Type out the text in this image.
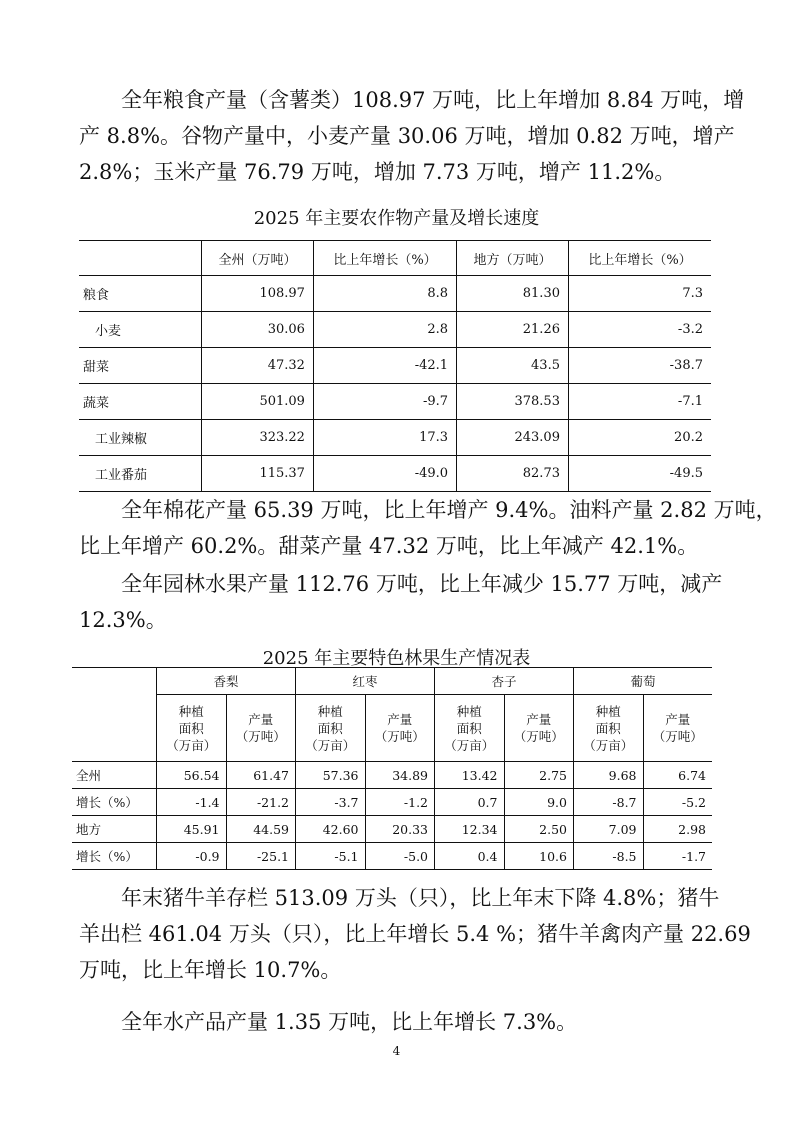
全年粮食产量（含薯类）108.97 万吨，比上年增加 8.84 万吨，增
产 8.8%。谷物产量中，小麦产量 30.06 万吨，增加 0.82 万吨，增产
2.8%；玉米产量 76.79 万吨，增加 7.73 万吨，增产 11.2%。

2025 年主要农作物产量及增长速度

	全州（万吨）	比上年增长（%）	地方（万吨）	比上年增长（%）
粮食	108.97	8.8	81.30	7.3
小麦	30.06	2.8	21.26	-3.2
甜菜	47.32	-42.1	43.5	-38.7
蔬菜	501.09	-9.7	378.53	-7.1
工业辣椒	323.22	17.3	243.09	20.2
工业番茄	115.37	-49.0	82.73	-49.5

全年棉花产量 65.39 万吨，比上年增产 9.4%。油料产量 2.82 万吨，
比上年增产 60.2%。甜菜产量 47.32 万吨，比上年减产 42.1%。

全年园林水果产量 112.76 万吨，比上年减少 15.77 万吨，减产
12.3%。

2025 年主要特色林果生产情况表

	香梨		红枣		杏子		葡萄	
	种植
面积
（万亩）	产量
（万吨）	种植
面积
（万亩）	产量
（万吨）	种植
面积
（万亩）	产量
（万吨）	种植
面积
（万亩）	产量
（万吨）
全州	56.54	61.47	57.36	34.89	13.42	2.75	9.68	6.74
增长（%）	-1.4	-21.2	-3.7	-1.2	0.7	9.0	-8.7	-5.2
地方	45.91	44.59	42.60	20.33	12.34	2.50	7.09	2.98
增长（%）	-0.9	-25.1	-5.1	-5.0	0.4	10.6	-8.5	-1.7

年末猪牛羊存栏 513.09 万头（只），比上年末下降 4.8%；猪牛
羊出栏 461.04 万头（只），比上年增长 5.4 %；猪牛羊禽肉产量 22.69
万吨，比上年增长 10.7%。

全年水产品产量 1.35 万吨，比上年增长 7.3%。

4
